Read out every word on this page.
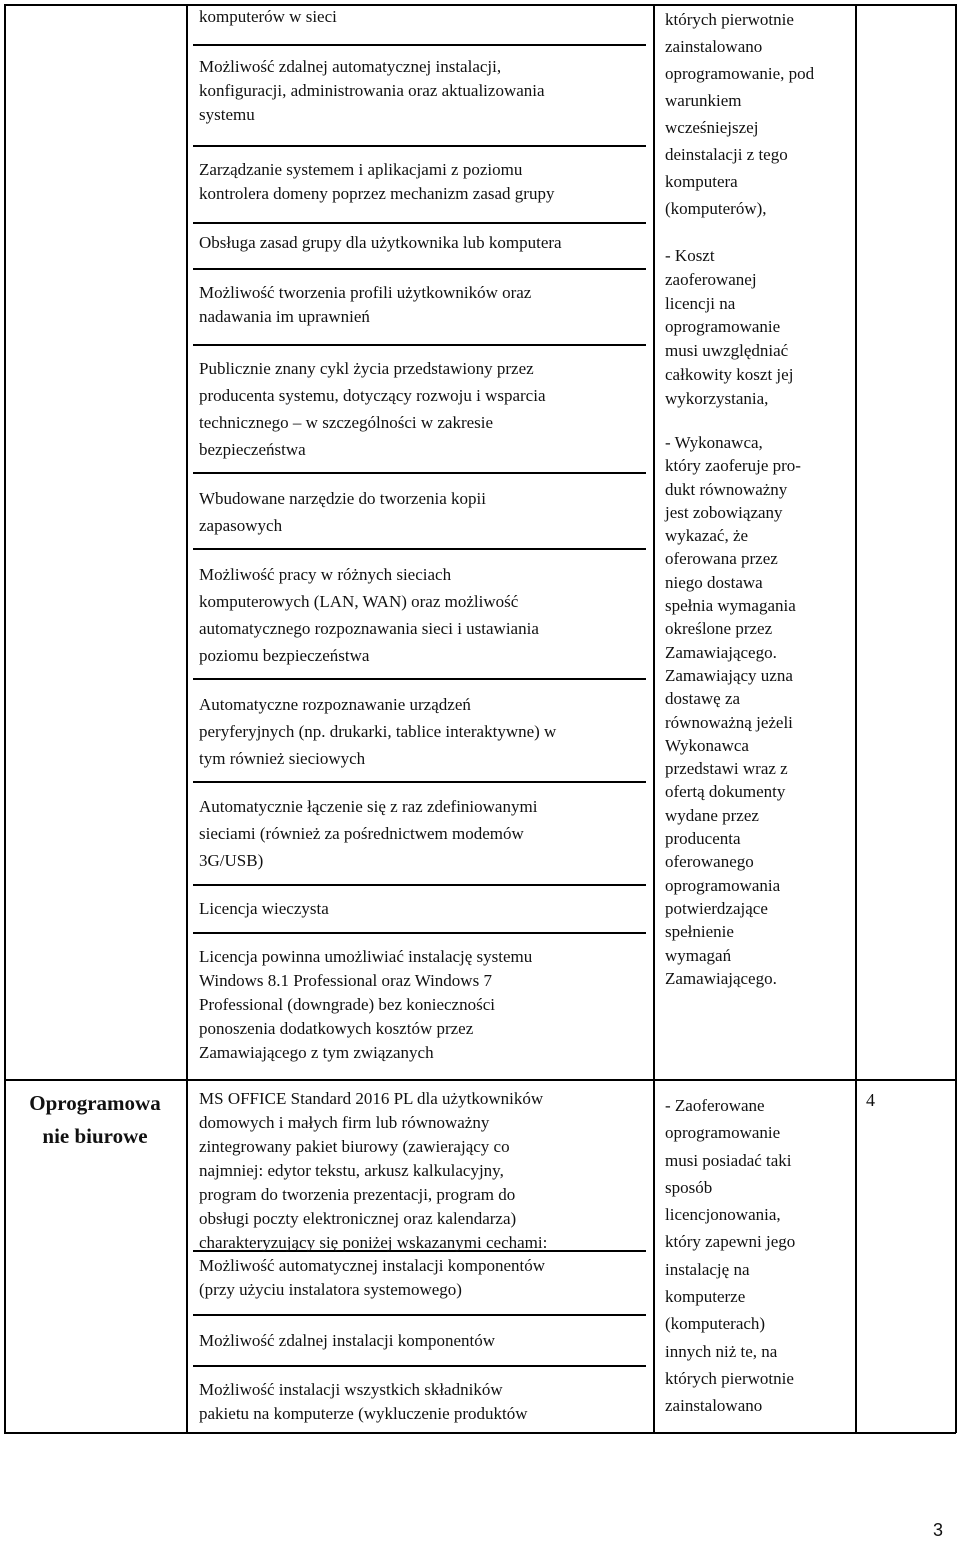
komputerów w sieci

Możliwość zdalnej automatycznej instalacji,

konfiguracji, administrowania oraz aktualizowania

systemu

Zarządzanie systemem i aplikacjami z poziomu

kontrolera domeny poprzez mechanizm zasad grupy

Obsługa zasad grupy dla użytkownika lub komputera

Możliwość tworzenia profili użytkowników oraz

nadawania im uprawnień

Publicznie znany cykl życia przedstawiony przez

producenta systemu, dotyczący rozwoju i wsparcia

technicznego – w szczególności w zakresie

bezpieczeństwa

Wbudowane narzędzie do tworzenia kopii

zapasowych

Możliwość pracy w różnych sieciach

komputerowych (LAN, WAN) oraz możliwość

automatycznego rozpoznawania sieci i ustawiania

poziomu bezpieczeństwa

Automatyczne rozpoznawanie urządzeń

peryferyjnych (np. drukarki, tablice interaktywne) w

tym również sieciowych

Automatycznie łączenie się z raz zdefiniowanymi

sieciami (również za pośrednictwem modemów

3G/USB)

Licencja wieczysta

Licencja powinna umożliwiać instalację systemu

Windows 8.1 Professional oraz Windows 7

Professional (downgrade) bez konieczności

ponoszenia dodatkowych kosztów przez

Zamawiającego z tym związanych

których pierwotnie

zainstalowano

oprogramowanie, pod

warunkiem

wcześniejszej

deinstalacji z tego

komputera

(komputerów),

- Koszt

zaoferowanej

licencji na

oprogramowanie

musi uwzględniać

całkowity koszt jej

wykorzystania,

- Wykonawca,

który zaoferuje pro-

dukt równoważny

jest zobowiązany

wykazać, że

oferowana przez

niego dostawa

spełnia wymagania

określone przez

Zamawiającego.

Zamawiający uzna

dostawę za

równoważną jeżeli

Wykonawca

przedstawi wraz z

ofertą dokumenty

wydane przez

producenta

oferowanego

oprogramowania

potwierdzające

spełnienie

wymagań

Zamawiającego.

Oprogramowa
nie biurowe

MS OFFICE Standard 2016 PL dla użytkowników

domowych i małych firm lub równoważny

zintegrowany pakiet biurowy (zawierający co

najmniej: edytor tekstu, arkusz kalkulacyjny,

program do tworzenia prezentacji, program do

obsługi poczty elektronicznej oraz kalendarza)

charakteryzujący się poniżej wskazanymi cechami:

Możliwość automatycznej instalacji komponentów

(przy użyciu instalatora systemowego)

Możliwość zdalnej instalacji komponentów

Możliwość instalacji wszystkich składników

pakietu na komputerze (wykluczenie produktów

- Zaoferowane

oprogramowanie

musi posiadać taki

sposób

licencjonowania,

który zapewni jego

instalację na

komputerze

(komputerach)

innych niż te, na

których pierwotnie

zainstalowano

4
3
